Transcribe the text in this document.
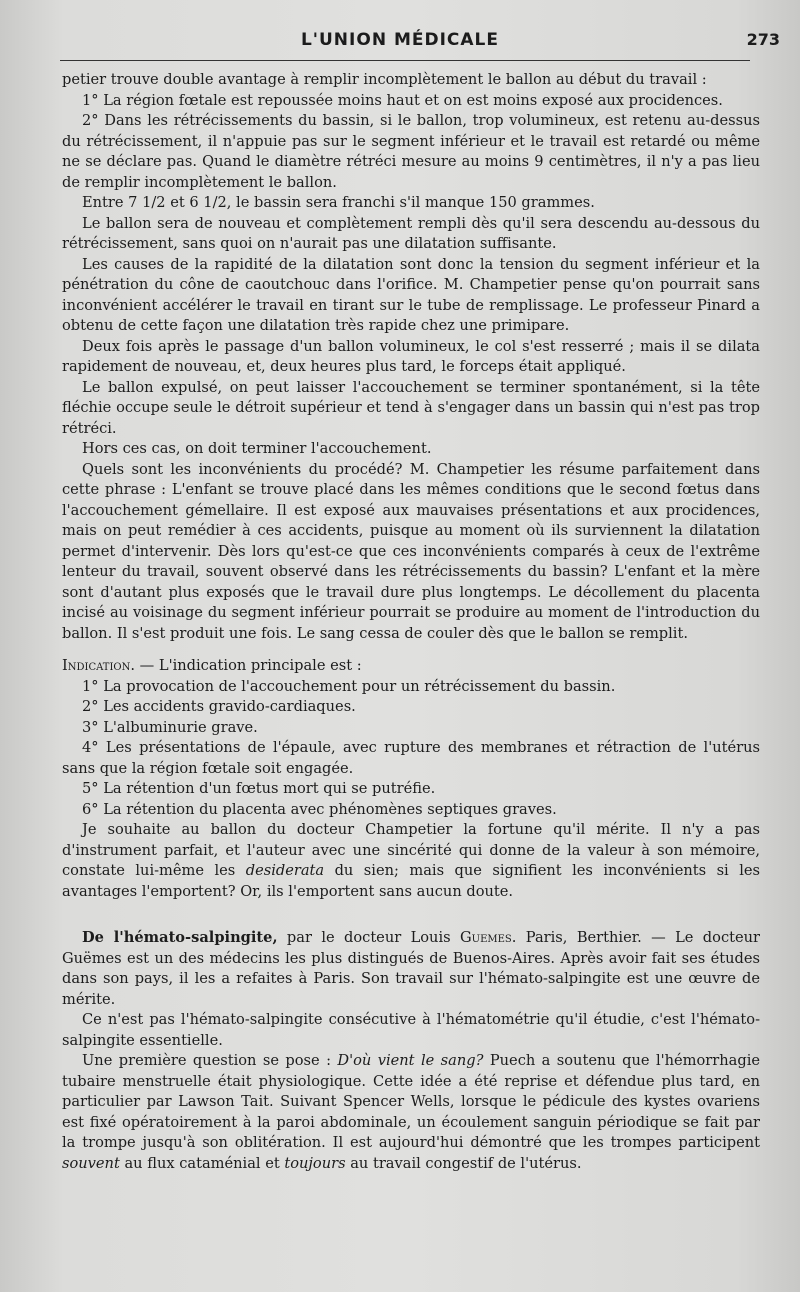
L'UNION MÉDICALE	273

petier trouve double avantage à remplir incomplètement le ballon au début du travail :

1° La région fœtale est repoussée moins haut et on est moins exposé aux procidences.

2° Dans les rétrécissements du bassin, si le ballon, trop volumineux, est retenu au-dessus du rétrécissement, il n'appuie pas sur le segment inférieur et le travail est retardé ou même ne se déclare pas. Quand le diamètre rétréci mesure au moins 9 centimètres, il n'y a pas lieu de remplir incomplètement le ballon.

Entre 7 1/2 et 6 1/2, le bassin sera franchi s'il manque 150 grammes.

Le ballon sera de nouveau et complètement rempli dès qu'il sera descendu au-dessous du rétrécissement, sans quoi on n'aurait pas une dilatation suffisante.

Les causes de la rapidité de la dilatation sont donc la tension du segment inférieur et la pénétration du cône de caoutchouc dans l'orifice. M. Champetier pense qu'on pourrait sans inconvénient accélérer le travail en tirant sur le tube de remplissage. Le professeur Pinard a obtenu de cette façon une dilatation très rapide chez une primipare.

Deux fois après le passage d'un ballon volumineux, le col s'est resserré ; mais il se dilata rapidement de nouveau, et, deux heures plus tard, le forceps était appliqué.

Le ballon expulsé, on peut laisser l'accouchement se terminer spontanément, si la tête fléchie occupe seule le détroit supérieur et tend à s'engager dans un bassin qui n'est pas trop rétréci.

Hors ces cas, on doit terminer l'accouchement.

Quels sont les inconvénients du procédé? M. Champetier les résume parfaitement dans cette phrase : L'enfant se trouve placé dans les mêmes conditions que le second fœtus dans l'accouchement gémellaire. Il est exposé aux mauvaises présentations et aux procidences, mais on peut remédier à ces accidents, puisque au moment où ils surviennent la dilatation permet d'intervenir. Dès lors qu'est-ce que ces inconvénients comparés à ceux de l'extrême lenteur du travail, souvent observé dans les rétrécissements du bassin? L'enfant et la mère sont d'autant plus exposés que le travail dure plus longtemps. Le décollement du placenta incisé au voisinage du segment inférieur pourrait se produire au moment de l'introduction du ballon. Il s'est produit une fois. Le sang cessa de couler dès que le ballon se remplit.

Indication. — L'indication principale est :

1° La provocation de l'accouchement pour un rétrécissement du bassin.

2° Les accidents gravido-cardiaques.

3° L'albuminurie grave.

4° Les présentations de l'épaule, avec rupture des membranes et rétraction de l'utérus sans que la région fœtale soit engagée.

5° La rétention d'un fœtus mort qui se putréfie.

6° La rétention du placenta avec phénomènes septiques graves.

Je souhaite au ballon du docteur Champetier la fortune qu'il mérite. Il n'y a pas d'instrument parfait, et l'auteur avec une sincérité qui donne de la valeur à son mémoire, constate lui-même les desiderata du sien; mais que signifient les inconvénients si les avantages l'emportent? Or, ils l'emportent sans aucun doute.

De l'hémato-salpingite, par le docteur Louis Guemes. Paris, Berthier. — Le docteur Guëmes est un des médecins les plus distingués de Buenos-Aires. Après avoir fait ses études dans son pays, il les a refaites à Paris. Son travail sur l'hémato-salpingite est une œuvre de mérite.

Ce n'est pas l'hémato-salpingite consécutive à l'hématométrie qu'il étudie, c'est l'hémato-salpingite essentielle.

Une première question se pose : D'où vient le sang? Puech a soutenu que l'hémorrhagie tubaire menstruelle était physiologique. Cette idée a été reprise et défendue plus tard, en particulier par Lawson Tait. Suivant Spencer Wells, lorsque le pédicule des kystes ovariens est fixé opératoirement à la paroi abdominale, un écoulement sanguin périodique se fait par la trompe jusqu'à son oblitération. Il est aujourd'hui démontré que les trompes participent souvent au flux cataménial et toujours au travail congestif de l'utérus.
